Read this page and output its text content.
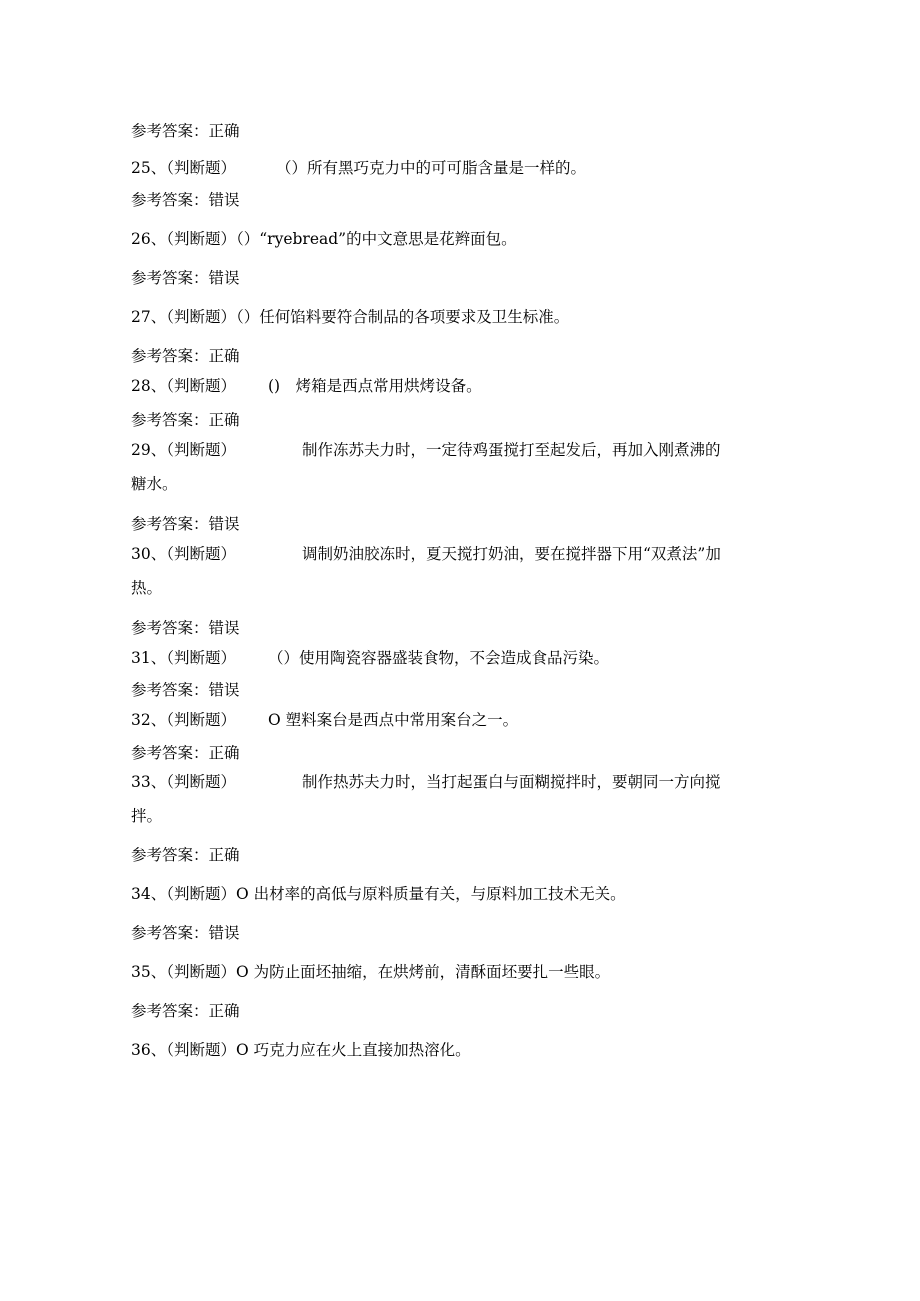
参考答案：正确
25、（判断题）	（）所有黑巧克力中的可可脂含量是一样的。
参考答案：错误
26、（判断题）（）“ryebread”的中文意思是花辫面包。
参考答案：错误
27、（判断题）（）任何馅料要符合制品的各项要求及卫生标准。
参考答案：正确
28、（判断题） ()　烤箱是西点常用烘烤设备。
参考答案：正确
29、（判断题）	制作冻苏夫力时，一定待鸡蛋搅打至起发后，再加入刚煮沸的糖水。
参考答案：错误
30、（判断题）	调制奶油胶冻时，夏天搅打奶油，要在搅拌器下用“双煮法”加热。
参考答案：错误
31、（判断题） （）使用陶瓷容器盛装食物，不会造成食品污染。
参考答案：错误
32、（判断题） O 塑料案台是西点中常用案台之一。
参考答案：正确
33、（判断题）	制作热苏夫力时，当打起蛋白与面糊搅拌时，要朝同一方向搅拌。
参考答案：正确
34、（判断题）O 出材率的高低与原料质量有关，与原料加工技术无关。
参考答案：错误
35、（判断题）O 为防止面坯抽缩，在烘烤前，清酥面坯要扎一些眼。
参考答案：正确
36、（判断题）O 巧克力应在火上直接加热溶化。
